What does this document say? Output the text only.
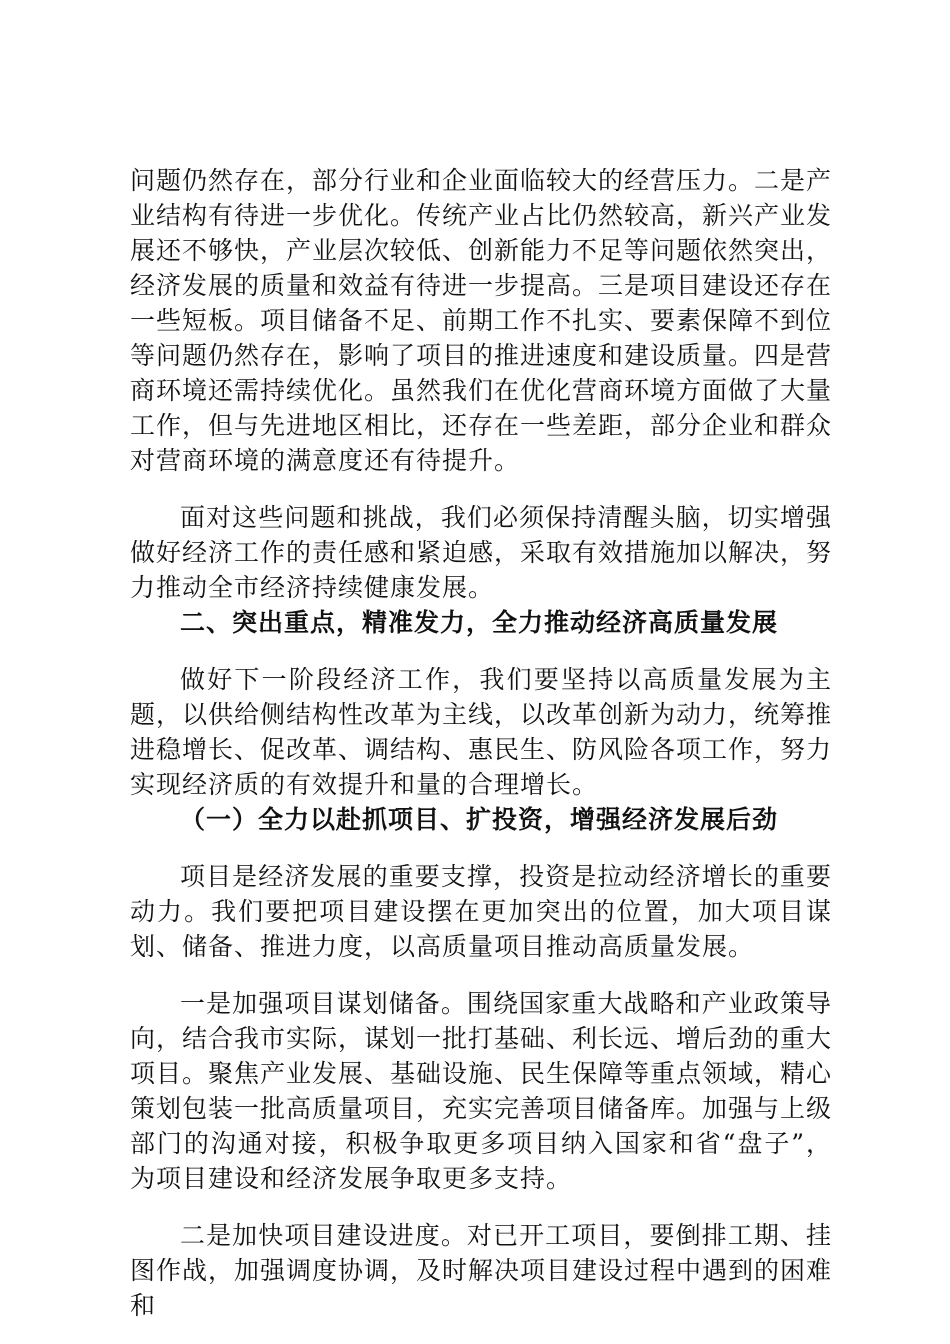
问题仍然存在，部分行业和企业面临较大的经营压力。二是产业结构有待进一步优化。传统产业占比仍然较高，新兴产业发展还不够快，产业层次较低、创新能力不足等问题依然突出，经济发展的质量和效益有待进一步提高。三是项目建设还存在一些短板。项目储备不足、前期工作不扎实、要素保障不到位等问题仍然存在，影响了项目的推进速度和建设质量。四是营商环境还需持续优化。虽然我们在优化营商环境方面做了大量工作，但与先进地区相比，还存在一些差距，部分企业和群众对营商环境的满意度还有待提升。

面对这些问题和挑战，我们必须保持清醒头脑，切实增强做好经济工作的责任感和紧迫感，采取有效措施加以解决，努力推动全市经济持续健康发展。

二、突出重点，精准发力，全力推动经济高质量发展

做好下一阶段经济工作，我们要坚持以高质量发展为主题，以供给侧结构性改革为主线，以改革创新为动力，统筹推进稳增长、促改革、调结构、惠民生、防风险各项工作，努力实现经济质的有效提升和量的合理增长。

（一）全力以赴抓项目、扩投资，增强经济发展后劲

项目是经济发展的重要支撑，投资是拉动经济增长的重要动力。我们要把项目建设摆在更加突出的位置，加大项目谋划、储备、推进力度，以高质量项目推动高质量发展。

一是加强项目谋划储备。围绕国家重大战略和产业政策导向，结合我市实际，谋划一批打基础、利长远、增后劲的重大项目。聚焦产业发展、基础设施、民生保障等重点领域，精心策划包装一批高质量项目，充实完善项目储备库。加强与上级部门的沟通对接，积极争取更多项目纳入国家和省“盘子”，为项目建设和经济发展争取更多支持。

二是加快项目建设进度。对已开工项目，要倒排工期、挂图作战，加强调度协调，及时解决项目建设过程中遇到的困难和
